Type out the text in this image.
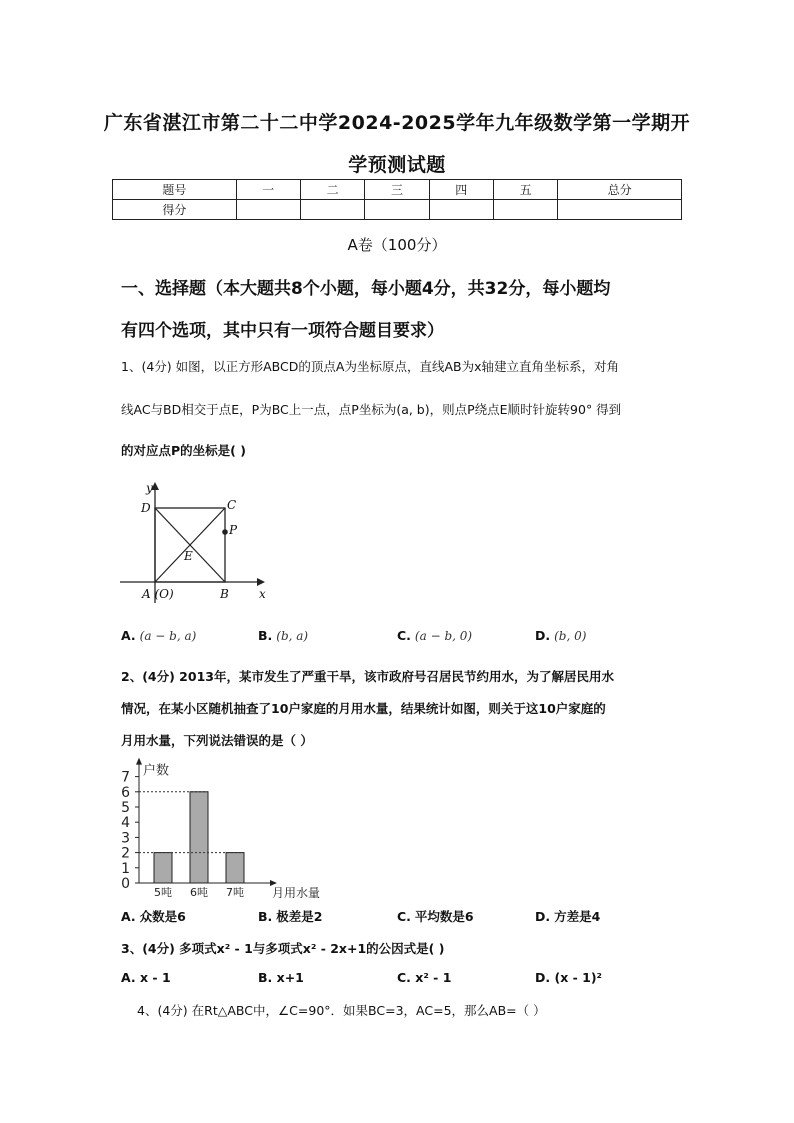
广东省湛江市第二十二中学2024-2025学年九年级数学第一学期开
学预测试题
题号	一	二	三	四	五	总分
得分						
A卷（100分）
一、选择题（本大题共8个小题，每小题4分，共32分，每小题均
有四个选项，其中只有一项符合题目要求）
1、(4分) 如图，以正方形ABCD的顶点A为坐标原点，直线AB为x轴建立直角坐标系，对角
线AC与BD相交于点E，P为BC上一点，点P坐标为(a, b)，则点P绕点E顺时针旋转90° 得到
的对应点P的坐标是( )
y
x
D	C
P
E
A (O)	B
A. (a − b, a)	B. (b, a)	C. (a − b, 0)	D. (b, 0)
2、(4分) 2013年，某市发生了严重干旱，该市政府号召居民节约用水，为了解居民用水
情况，在某小区随机抽查了10户家庭的月用水量，结果统计如图，则关于这10户家庭的
月用水量，下列说法错误的是（ ）
户数
月用水量
0
1
2
3
4
5
6
7
5吨 6吨 7吨
A. 众数是6	B. 极差是2	C. 平均数是6	D. 方差是4
3、(4分) 多项式x² - 1与多项式x² - 2x+1的公因式是( )
A. x - 1	B. x+1	C. x² - 1	D. (x - 1)²
4、(4分) 在Rt△ABC中，∠C=90°．如果BC=3，AC=5，那么AB=（ ）
